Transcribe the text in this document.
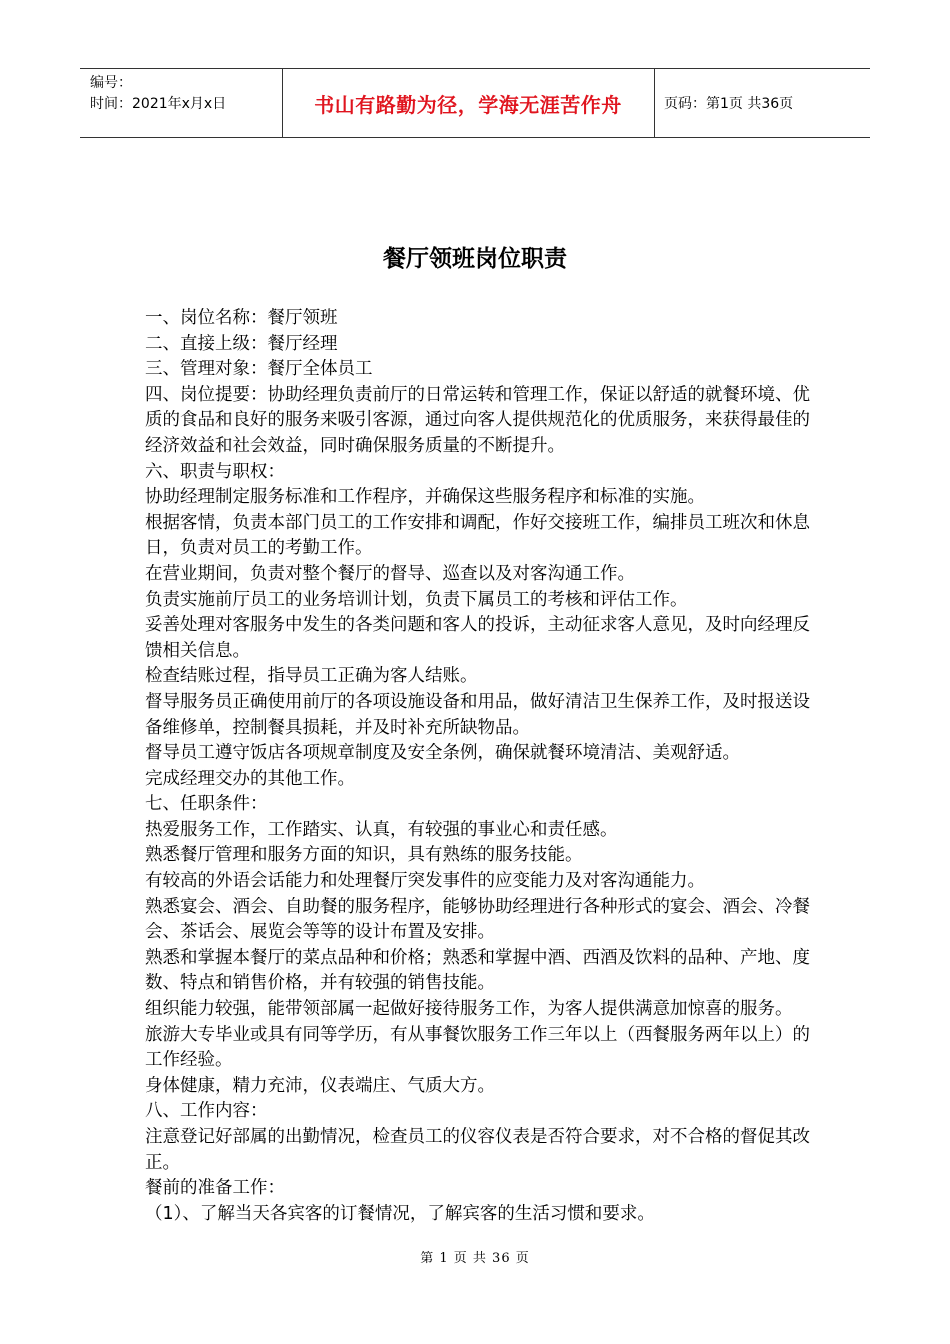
编号：
时间：2021年x月x日	书山有路勤为径，学海无涯苦作舟	页码：第1页 共36页
餐厅领班岗位职责

一、岗位名称：餐厅领班

二、直接上级：餐厅经理

三、管理对象：餐厅全体员工

四、岗位提要：协助经理负责前厅的日常运转和管理工作，保证以舒适的就餐环境、优质的食品和良好的服务来吸引客源，通过向客人提供规范化的优质服务，来获得最佳的经济效益和社会效益，同时确保服务质量的不断提升。

六、职责与职权：

协助经理制定服务标准和工作程序，并确保这些服务程序和标准的实施。

根据客情，负责本部门员工的工作安排和调配，作好交接班工作，编排员工班次和休息日，负责对员工的考勤工作。

在营业期间，负责对整个餐厅的督导、巡查以及对客沟通工作。

负责实施前厅员工的业务培训计划，负责下属员工的考核和评估工作。

妥善处理对客服务中发生的各类问题和客人的投诉，主动征求客人意见，及时向经理反馈相关信息。

检查结账过程，指导员工正确为客人结账。

督导服务员正确使用前厅的各项设施设备和用品，做好清洁卫生保养工作，及时报送设备维修单，控制餐具损耗，并及时补充所缺物品。

督导员工遵守饭店各项规章制度及安全条例，确保就餐环境清洁、美观舒适。

完成经理交办的其他工作。

七、任职条件：

热爱服务工作，工作踏实、认真，有较强的事业心和责任感。

熟悉餐厅管理和服务方面的知识，具有熟练的服务技能。

有较高的外语会话能力和处理餐厅突发事件的应变能力及对客沟通能力。

熟悉宴会、酒会、自助餐的服务程序，能够协助经理进行各种形式的宴会、酒会、冷餐会、茶话会、展览会等等的设计布置及安排。

熟悉和掌握本餐厅的菜点品种和价格；熟悉和掌握中酒、西酒及饮料的品种、产地、度数、特点和销售价格，并有较强的销售技能。

组织能力较强，能带领部属一起做好接待服务工作，为客人提供满意加惊喜的服务。

旅游大专毕业或具有同等学历，有从事餐饮服务工作三年以上（西餐服务两年以上）的工作经验。

身体健康，精力充沛，仪表端庄、气质大方。

八、工作内容：

注意登记好部属的出勤情况，检查员工的仪容仪表是否符合要求，对不合格的督促其改正。

餐前的准备工作：

（1）、了解当天各宾客的订餐情况，了解宾客的生活习惯和要求。

第 1 页 共 36 页
